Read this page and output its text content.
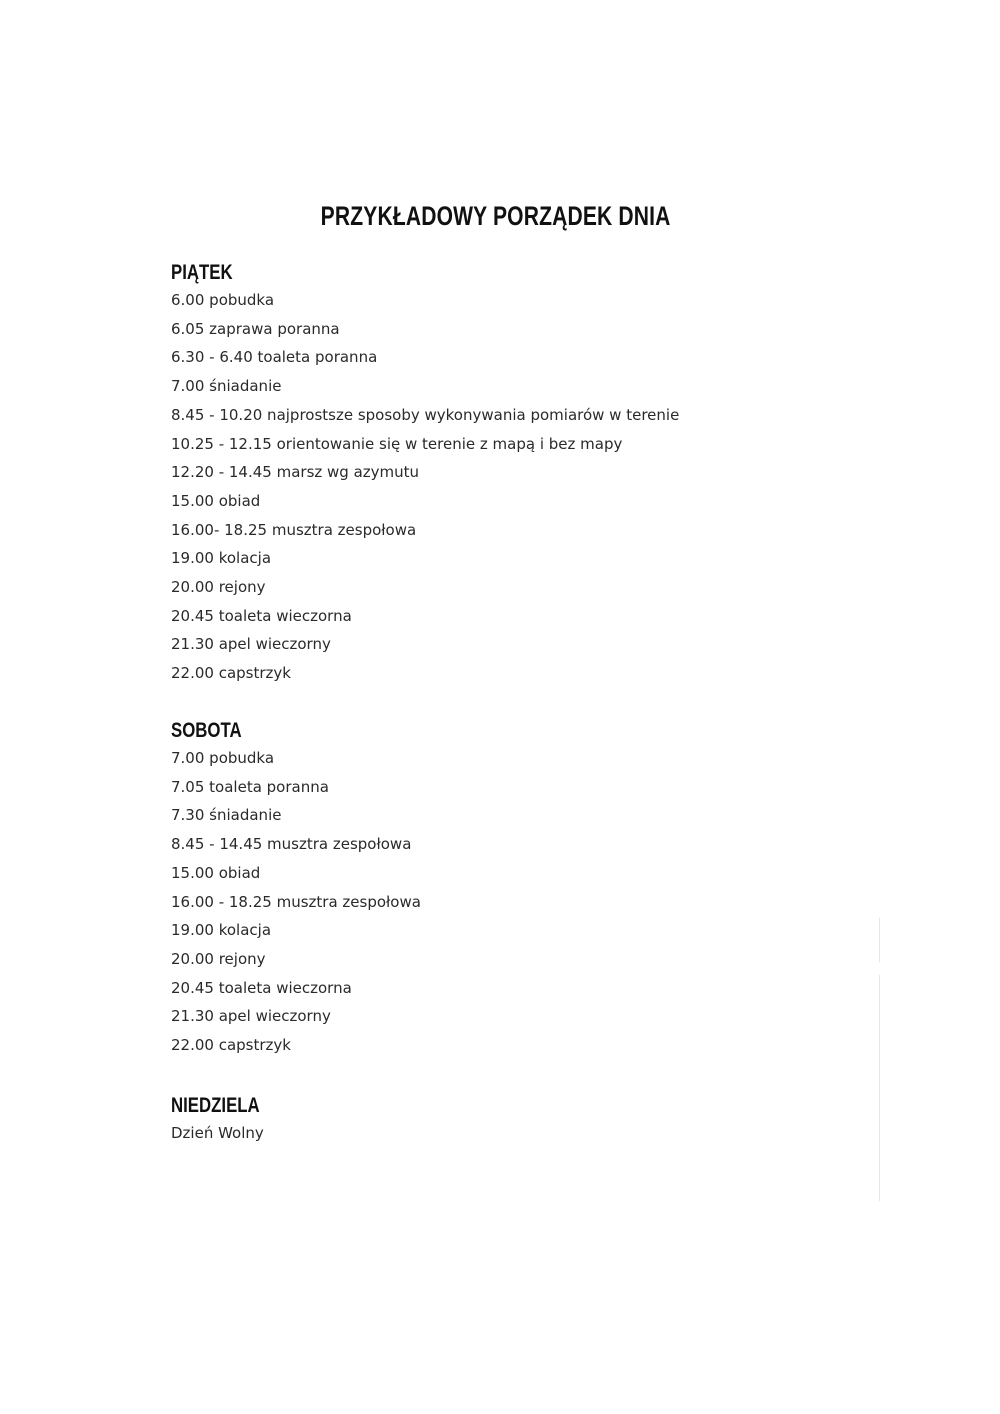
PRZYKŁADOWY PORZĄDEK DNIA
PIĄTEK
6.00 pobudka
6.05 zaprawa poranna
6.30 - 6.40 toaleta poranna
7.00 śniadanie
8.45 - 10.20 najprostsze sposoby wykonywania pomiarów w terenie
10.25 - 12.15 orientowanie się w terenie z mapą i bez mapy
12.20 - 14.45 marsz wg azymutu
15.00 obiad
16.00- 18.25 musztra zespołowa
19.00 kolacja
20.00 rejony
20.45 toaleta wieczorna
21.30 apel wieczorny
22.00 capstrzyk
SOBOTA
7.00 pobudka
7.05 toaleta poranna
7.30 śniadanie
8.45 - 14.45 musztra zespołowa
15.00 obiad
16.00 - 18.25 musztra zespołowa
19.00 kolacja
20.00 rejony
20.45 toaleta wieczorna
21.30 apel wieczorny
22.00 capstrzyk
NIEDZIELA
Dzień Wolny
